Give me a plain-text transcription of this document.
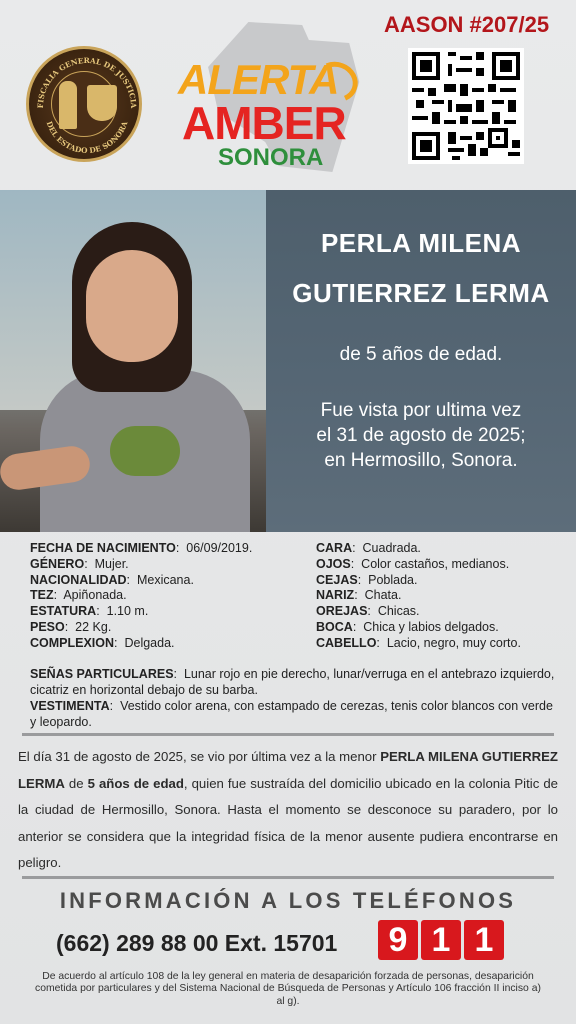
FISCALIA GENERAL DE JUSTICIA
DEL ESTADO DE SONORA
ALERTA
AMBER
SONORA
AASON #207/25
PERLA MILENA
GUTIERREZ LERMA
de 5 años de edad.
Fue vista por ultima vez
el 31 de agosto de 2025;
en Hermosillo, Sonora.
FECHA DE NACIMIENTO:  06/09/2019.
GÉNERO:  Mujer.
NACIONALIDAD:  Mexicana.
TEZ:  Apiñonada.
ESTATURA:  1.10 m.
PESO:  22 Kg.
COMPLEXION:  Delgada.
CARA:  Cuadrada.
OJOS:  Color castaños, medianos.
CEJAS:  Poblada.
NARIZ:  Chata.
OREJAS:  Chicas.
BOCA:  Chica y labios delgados.
CABELLO:  Lacio, negro, muy corto.
SEÑAS PARTICULARES:  Lunar rojo en pie derecho, lunar/verruga en el antebrazo izquierdo, cicatriz en horizontal debajo de su barba.
VESTIMENTA:  Vestido color arena, con estampado de cerezas, tenis color blancos con verde y leopardo.
El día 31 de agosto de 2025, se vio por última vez a la menor PERLA MILENA GUTIERREZ LERMA de 5 años de edad, quien fue sustraída del domicilio ubicado en la colonia Pitic de la ciudad de Hermosillo, Sonora. Hasta el momento se desconoce su paradero, por lo anterior se considera que la integridad física de la menor ausente pudiera encontrarse en peligro.
INFORMACIÓN A LOS TELÉFONOS
(662) 289 88 00 Ext. 15701	9 1 1
De acuerdo al artículo 108 de la ley general en materia de desaparición forzada de personas, desaparición cometida por particulares y del Sistema Nacional de Búsqueda de Personas y Artículo 106 fracción II inciso a) al g).
